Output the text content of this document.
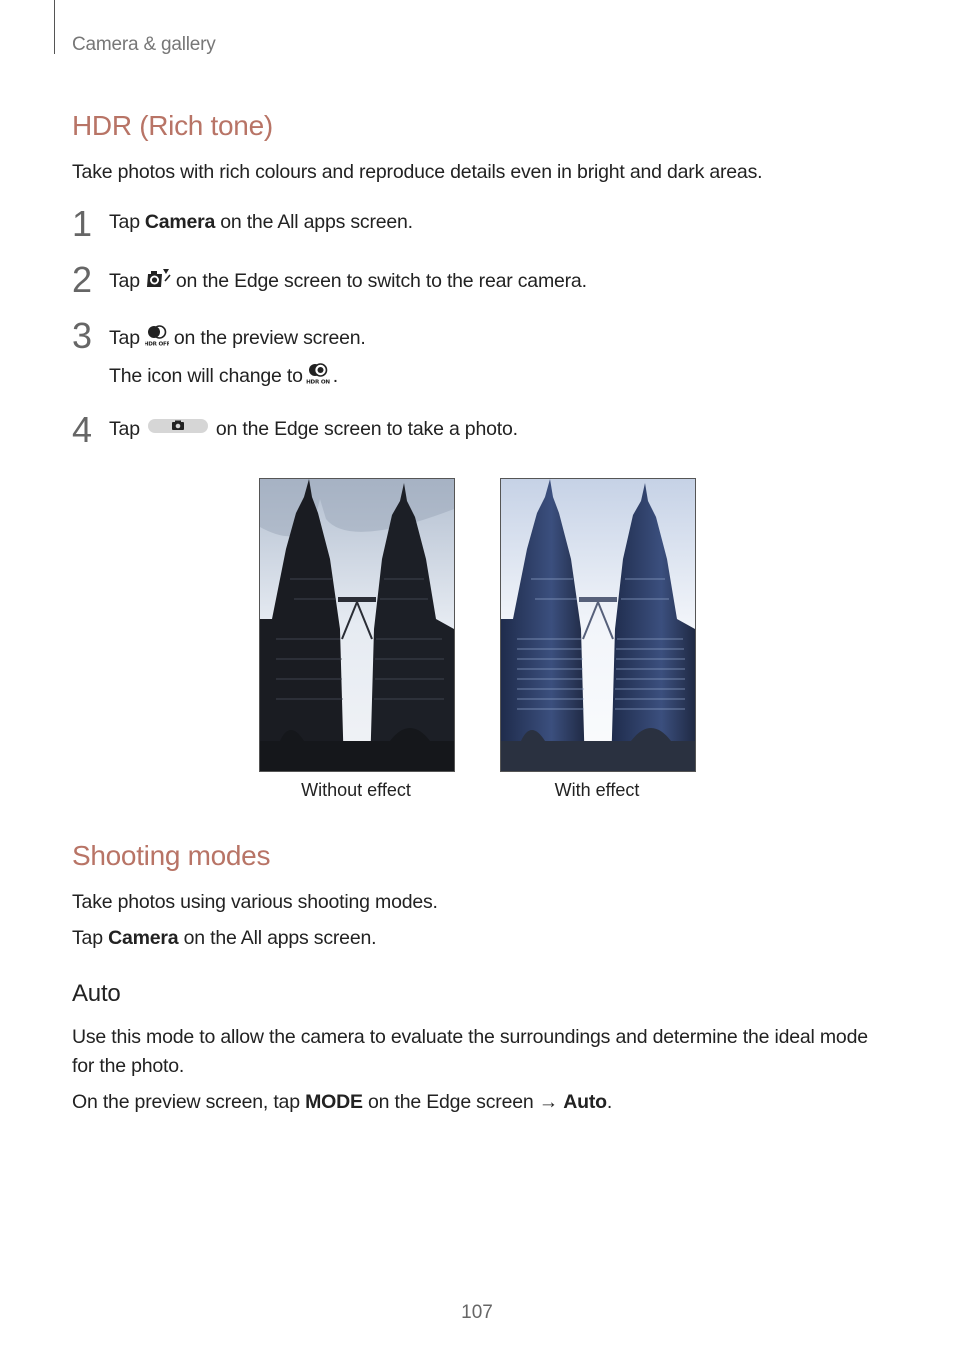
Camera & gallery
HDR (Rich tone)
Take photos with rich colours and reproduce details even in bright and dark areas.
1 Tap Camera on the All apps screen.
2 Tap on the Edge screen to switch to the rear camera.
3 Tap HDR OFF on the preview screen.
The icon will change to HDR ON .
4 Tap	on the Edge screen to take a photo.
Without effect	With effect
Shooting modes
Take photos using various shooting modes.
Tap Camera on the All apps screen.
Auto
Use this mode to allow the camera to evaluate the surroundings and determine the ideal mode for the photo.
On the preview screen, tap MODE on the Edge screen → Auto.
107
